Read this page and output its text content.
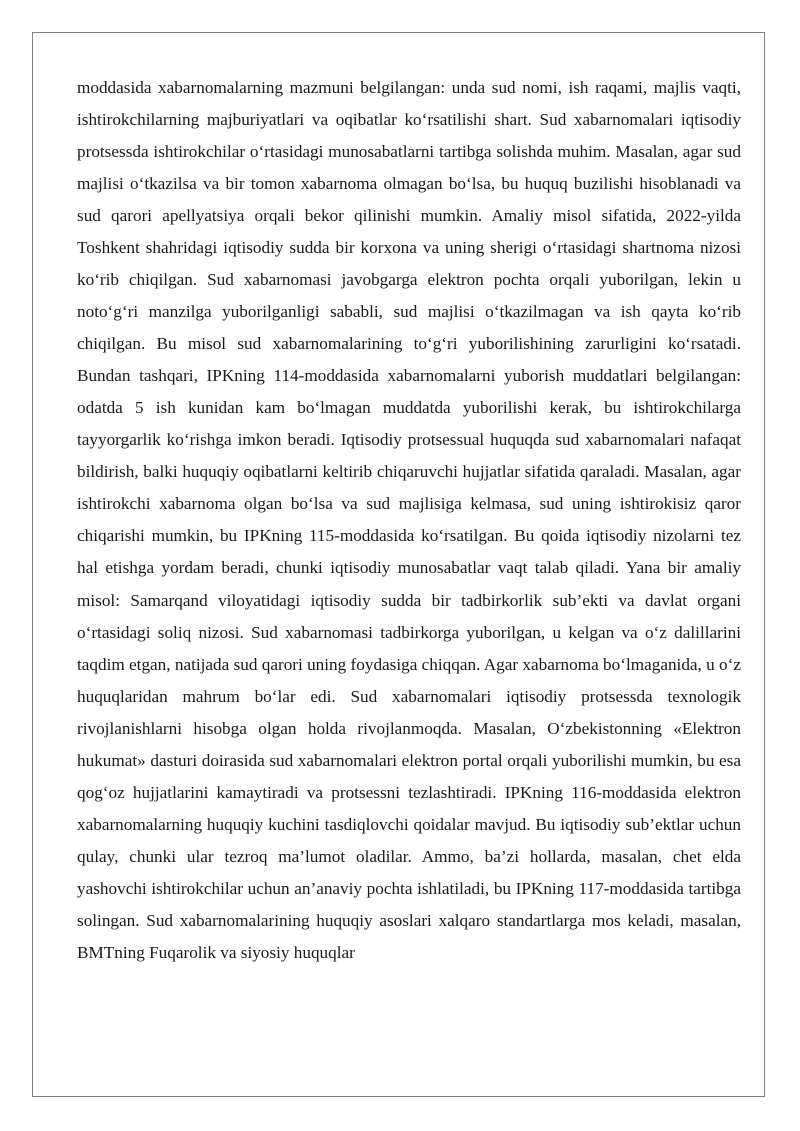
moddasida xabarnomalarning mazmuni belgilangan: unda sud nomi, ish raqami, majlis vaqti, ishtirokchilarning majburiyatlari va oqibatlar ko‘rsatilishi shart. Sud xabarnomalari iqtisodiy protsessda ishtirokchilar o‘rtasidagi munosabatlarni tartibga solishda muhim. Masalan, agar sud majlisi o‘tkazilsa va bir tomon xabarnoma olmagan bo‘lsa, bu huquq buzilishi hisoblanadi va sud qarori apellyatsiya orqali bekor qilinishi mumkin. Amaliy misol sifatida, 2022-yilda Toshkent shahridagi iqtisodiy sudda bir korxona va uning sherigi o‘rtasidagi shartnoma nizosi ko‘rib chiqilgan. Sud xabarnomasi javobgarga elektron pochta orqali yuborilgan, lekin u noto‘g‘ri manzilga yuborilganligi sababli, sud majlisi o‘tkazilmagan va ish qayta ko‘rib chiqilgan. Bu misol sud xabarnomalarining to‘g‘ri yuborilishining zarurligini ko‘rsatadi. Bundan tashqari, IPKning 114-moddasida xabarnomalarni yuborish muddatlari belgilangan: odatda 5 ish kunidan kam bo‘lmagan muddatda yuborilishi kerak, bu ishtirokchilarga tayyorgarlik ko‘rishga imkon beradi. Iqtisodiy protsessual huquqda sud xabarnomalari nafaqat bildirish, balki huquqiy oqibatlarni keltirib chiqaruvchi hujjatlar sifatida qaraladi. Masalan, agar ishtirokchi xabarnoma olgan bo‘lsa va sud majlisiga kelmasa, sud uning ishtirokisiz qaror chiqarishi mumkin, bu IPKning 115-moddasida ko‘rsatilgan. Bu qoida iqtisodiy nizolarni tez hal etishga yordam beradi, chunki iqtisodiy munosabatlar vaqt talab qiladi. Yana bir amaliy misol: Samarqand viloyatidagi iqtisodiy sudda bir tadbirkorlik sub’ekti va davlat organi o‘rtasidagi soliq nizosi. Sud xabarnomasi tadbirkorga yuborilgan, u kelgan va o‘z dalillarini taqdim etgan, natijada sud qarori uning foydasiga chiqqan. Agar xabarnoma bo‘lmaganida, u o‘z huquqlaridan mahrum bo‘lar edi. Sud xabarnomalari iqtisodiy protsessda texnologik rivojlanishlarni hisobga olgan holda rivojlanmoqda. Masalan, O‘zbekistonning «Elektron hukumat» dasturi doirasida sud xabarnomalari elektron portal orqali yuborilishi mumkin, bu esa qog‘oz hujjatlarini kamaytiradi va protsessni tezlashtiradi. IPKning 116-moddasida elektron xabarnomalarning huquqiy kuchini tasdiqlovchi qoidalar mavjud. Bu iqtisodiy sub’ektlar uchun qulay, chunki ular tezroq ma’lumot oladilar. Ammo, ba’zi hollarda, masalan, chet elda yashovchi ishtirokchilar uchun an’anaviy pochta ishlatiladi, bu IPKning 117-moddasida tartibga solingan. Sud xabarnomalarining huquqiy asoslari xalqaro standartlarga mos keladi, masalan, BMTning Fuqarolik va siyosiy huquqlar
